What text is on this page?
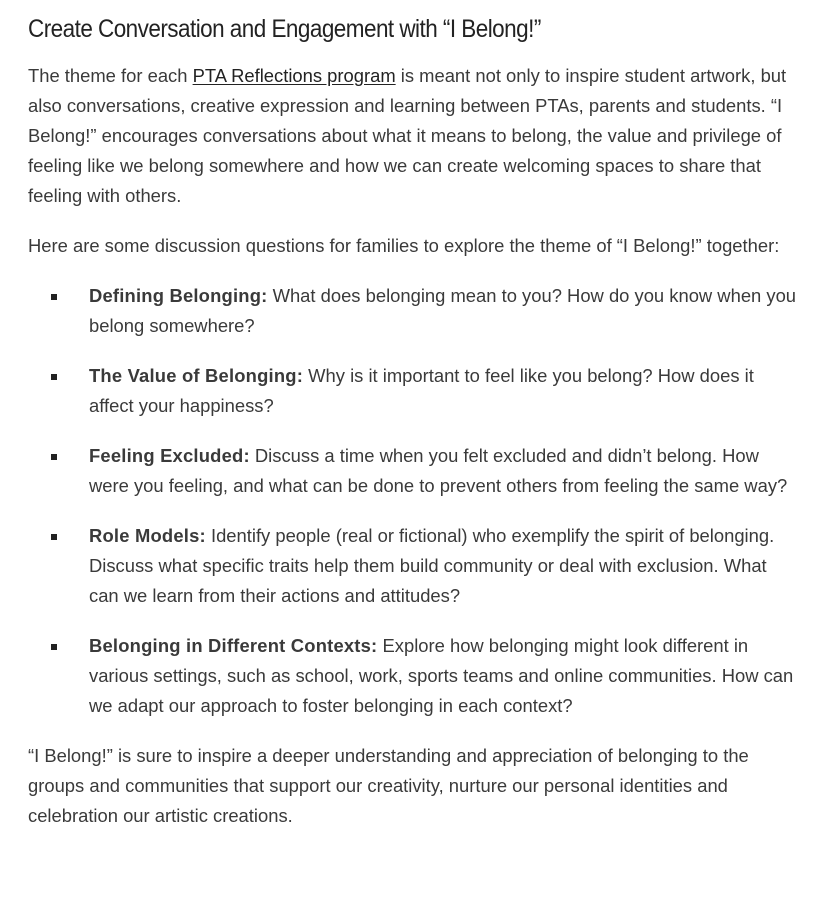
Create Conversation and Engagement with “I Belong!”

The theme for each PTA Reflections program is meant not only to inspire student artwork, but also conversations, creative expression and learning between PTAs, parents and students. “I Belong!” encourages conversations about what it means to belong, the value and privilege of feeling like we belong somewhere and how we can create welcoming spaces to share that feeling with others.

Here are some discussion questions for families to explore the theme of “I Belong!” together:

Defining Belonging: What does belonging mean to you? How do you know when you belong somewhere?
The Value of Belonging: Why is it important to feel like you belong? How does it affect your happiness?
Feeling Excluded: Discuss a time when you felt excluded and didn’t belong. How were you feeling, and what can be done to prevent others from feeling the same way?
Role Models: Identify people (real or fictional) who exemplify the spirit of belonging. Discuss what specific traits help them build community or deal with exclusion. What can we learn from their actions and attitudes?
Belonging in Different Contexts: Explore how belonging might look different in various settings, such as school, work, sports teams and online communities. How can we adapt our approach to foster belonging in each context?

“I Belong!” is sure to inspire a deeper understanding and appreciation of belonging to the groups and communities that support our creativity, nurture our personal identities and celebration our artistic creations.
